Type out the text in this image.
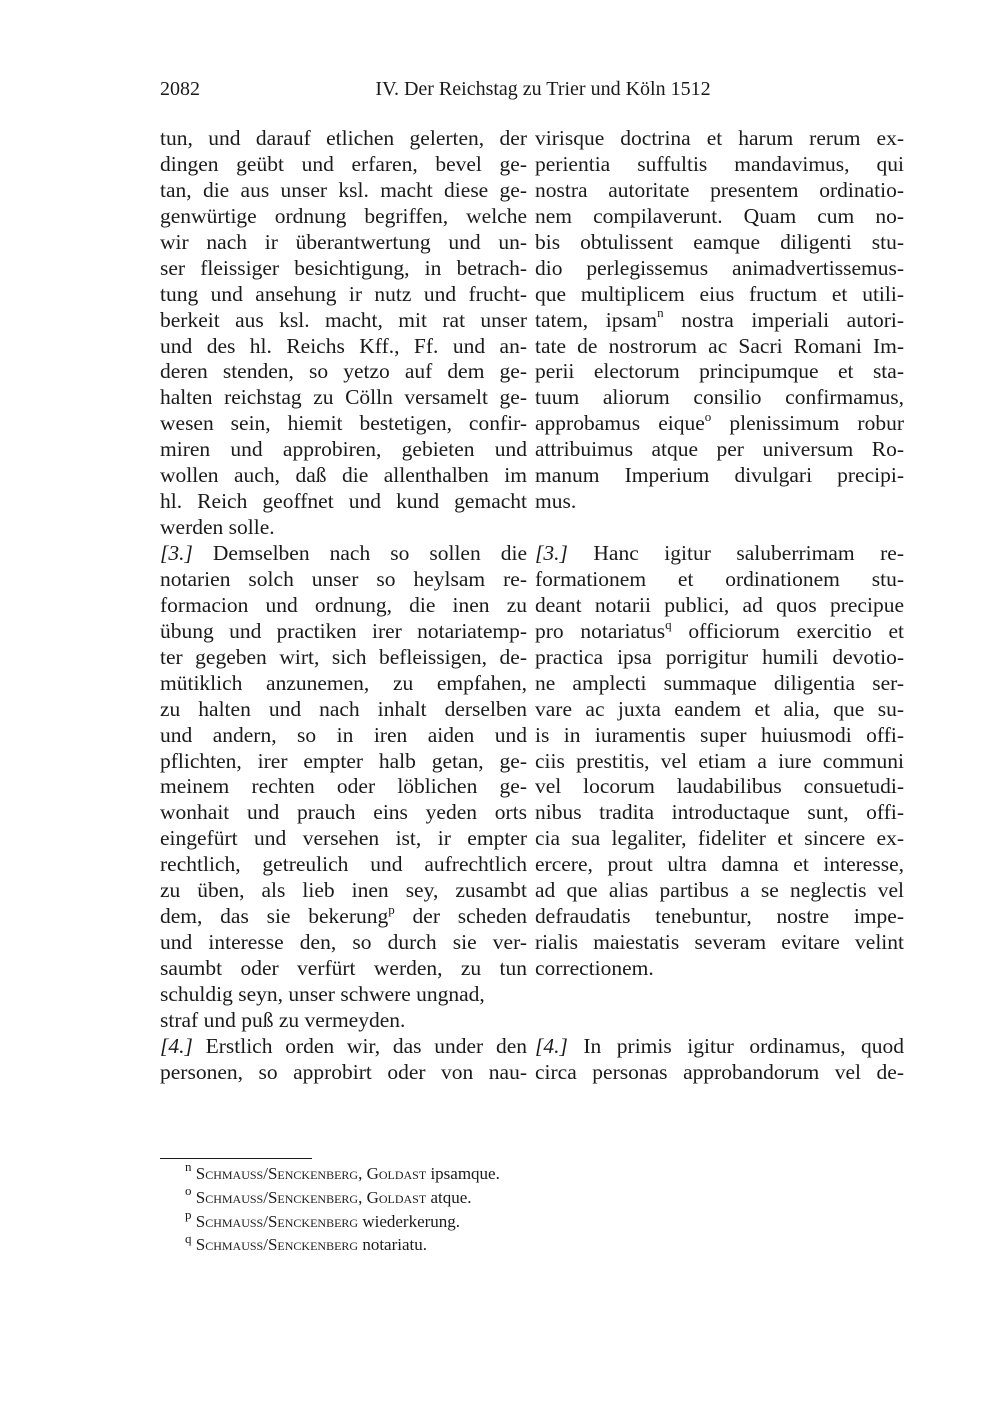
2082	IV. Der Reichstag zu Trier und Köln 1512
tun, und darauf etlichen gelerten, der
dingen geübt und erfaren, bevel ge-
tan, die aus unser ksl. macht diese ge-
genwürtige ordnung begriffen, welche
wir nach ir überantwertung und un-
ser fleissiger besichtigung, in betrach-
tung und ansehung ir nutz und frucht-
berkeit aus ksl. macht, mit rat unser
und des hl. Reichs Kff., Ff. und an-
deren stenden, so yetzo auf dem ge-
halten reichstag zu Cölln versamelt ge-
wesen sein, hiemit bestetigen, confir-
miren und approbiren, gebieten und
wollen auch, daß die allenthalben im
hl. Reich geoffnet und kund gemacht
werden solle.
[3.] Demselben nach so sollen die
notarien solch unser so heylsam re-
formacion und ordnung, die inen zu
übung und practiken irer notariatemp-
ter gegeben wirt, sich befleissigen, de-
mütiklich anzunemen, zu empfahen,
zu halten und nach inhalt derselben
und andern, so in iren aiden und
pflichten, irer empter halb getan, ge-
meinem rechten oder löblichen ge-
wonhait und prauch eins yeden orts
eingefürt und versehen ist, ir empter
rechtlich, getreulich und aufrechtlich
zu üben, als lieb inen sey, zusambt
dem, das sie bekerung$^p$ der scheden
und interesse den, so durch sie ver-
saumbt oder verfürt werden, zu tun
schuldig seyn, unser schwere ungnad,
straf und puß zu vermeyden.
[4.] Erstlich orden wir, das under den
personen, so approbirt oder von nau-
virisque doctrina et harum rerum ex-
perientia suffultis mandavimus, qui
nostra autoritate presentem ordinatio-
nem compilaverunt. Quam cum no-
bis obtulissent eamque diligenti stu-
dio perlegissemus animadvertissemus-
que multiplicem eius fructum et utili-
tatem, ipsam$^n$ nostra imperiali autori-
tate de nostrorum ac Sacri Romani Im-
perii electorum principumque et sta-
tuum aliorum consilio confirmamus,
approbamus eique$^o$ plenissimum robur
attribuimus atque per universum Ro-
manum Imperium divulgari precipi-
mus.
[3.] Hanc igitur saluberrimam re-
formationem et ordinationem stu-
deant notarii publici, ad quos precipue
pro notariatus$^q$ officiorum exercitio et
practica ipsa porrigitur humili devotio-
ne amplecti summaque diligentia ser-
vare ac juxta eandem et alia, que su-
is in iuramentis super huiusmodi offi-
ciis prestitis, vel etiam a iure communi
vel locorum laudabilibus consuetudi-
nibus tradita introductaque sunt, offi-
cia sua legaliter, fideliter et sincere ex-
ercere, prout ultra damna et interesse,
ad que alias partibus a se neglectis vel
defraudatis tenebuntur, nostre impe-
rialis maiestatis severam evitare velint
correctionem.
[4.] In primis igitur ordinamus, quod
circa personas approbandorum vel de-
$^n$ Schmauss/Senckenberg, Goldast ipsamque.
$^o$ Schmauss/Senckenberg, Goldast atque.
$^p$ Schmauss/Senckenberg wiederkerung.
$^q$ Schmauss/Senckenberg notariatu.
